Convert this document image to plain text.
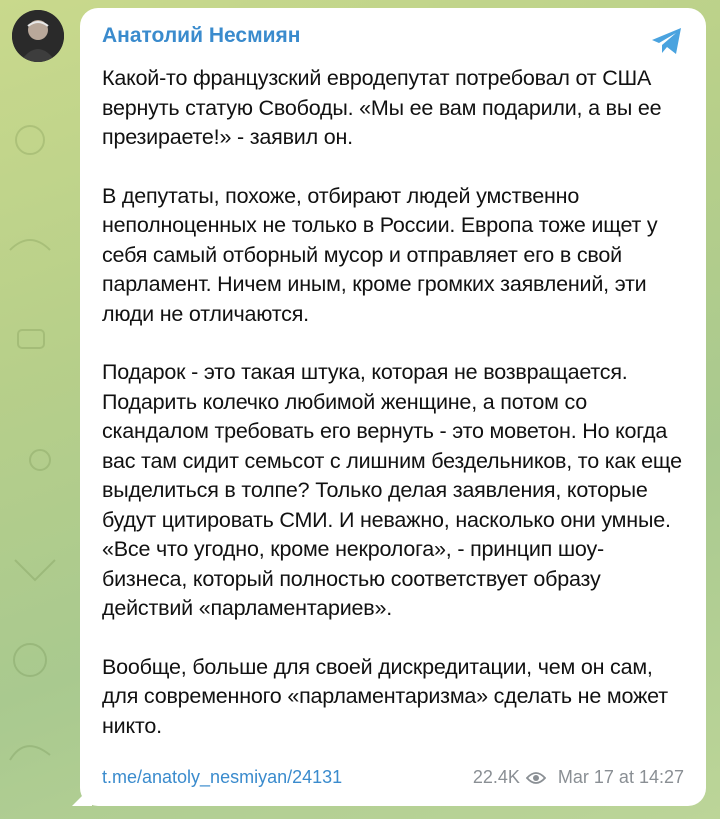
Анатолий Несмиян

Какой-то французский евродепутат потребовал от США вернуть статую Свободы. «Мы ее вам подарили, а вы ее презираете!» - заявил он.

В депутаты, похоже, отбирают людей умственно неполноценных не только в России. Европа тоже ищет у себя самый отборный мусор и отправляет его в свой парламент. Ничем иным, кроме громких заявлений, эти люди не отличаются.

Подарок - это такая штука, которая не возвращается. Подарить колечко любимой женщине, а потом со скандалом требовать его вернуть - это моветон. Но когда вас там сидит семьсот с лишним бездельников, то как еще выделиться в толпе? Только делая заявления, которые будут цитировать СМИ. И неважно, насколько они умные. «Все что угодно, кроме некролога», - принцип шоу-бизнеса, который полностью соответствует образу действий «парламентариев».

Вообще, больше для своей дискредитации, чем он сам, для современного «парламентаризма» сделать не может никто.

t.me/anatoly_nesmiyan/24131	22.4K Mar 17 at 14:27
